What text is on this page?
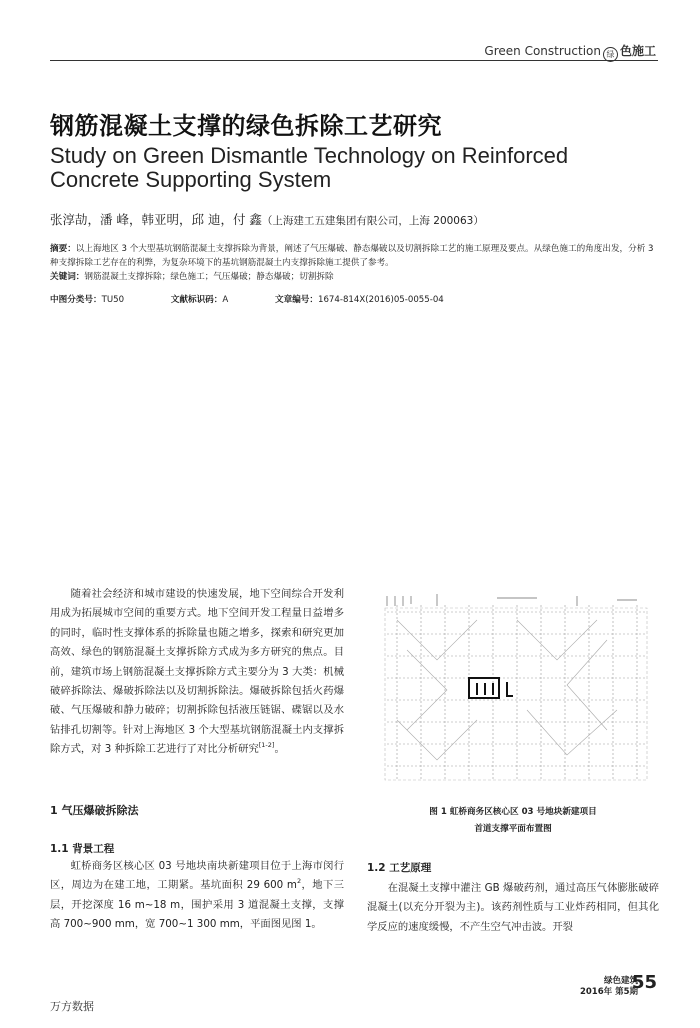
Green Construction 绿 色施工
钢筋混凝土支撑的绿色拆除工艺研究
Study on Green Dismantle Technology on Reinforced Concrete Supporting System
张淳劼，潘 峰，韩亚明，邱 迪，付 鑫（上海建工五建集团有限公司，上海 200063）
摘要：以上海地区 3 个大型基坑钢筋混凝土支撑拆除为背景，阐述了气压爆破、静态爆破以及切割拆除工艺的施工原理及要点。从绿色施工的角度出发，分析 3 种支撑拆除工艺存在的利弊，为复杂环境下的基坑钢筋混凝土内支撑拆除施工提供了参考。
关键词：钢筋混凝土支撑拆除；绿色施工；气压爆破；静态爆破；切割拆除
中图分类号：TU50	文献标识码：A	文章编号：1674-814X(2016)05-0055-04
随着社会经济和城市建设的快速发展，地下空间综合开发利用成为拓展城市空间的重要方式。地下空间开发工程量日益增多的同时，临时性支撑体系的拆除量也随之增多，探索和研究更加高效、绿色的钢筋混凝土支撑拆除方式成为多方研究的焦点。目前，建筑市场上钢筋混凝土支撑拆除方式主要分为 3 大类：机械破碎拆除法、爆破拆除法以及切割拆除法。爆破拆除包括火药爆破、气压爆破和静力破碎；切割拆除包括液压链锯、碟锯以及水钻排孔切割等。针对上海地区 3 个大型基坑钢筋混凝土内支撑拆除方式，对 3 种拆除工艺进行了对比分析研究[1-2]。
1 气压爆破拆除法
1.1 背景工程
虹桥商务区核心区 03 号地块南块新建项目位于上海市闵行区，周边为在建工地，工期紧。基坑面积 29 600 $m^2$，地下三层，开挖深度 16 m~18 m，围护采用 3 道混凝土支撑，支撑高 700~900 mm，宽 700~1 300 mm，平面图见图 1。
图 1 虹桥商务区核心区 03 号地块新建项目
首道支撑平面布置图
1.2 工艺原理
在混凝土支撑中灌注 GB 爆破药剂，通过高压气体膨胀破碎混凝土(以充分开裂为主)。该药剂性质与工业炸药相同，但其化学反应的速度缓慢，不产生空气冲击波。开裂
绿色建筑
2016年 第5期
55
万方数据
